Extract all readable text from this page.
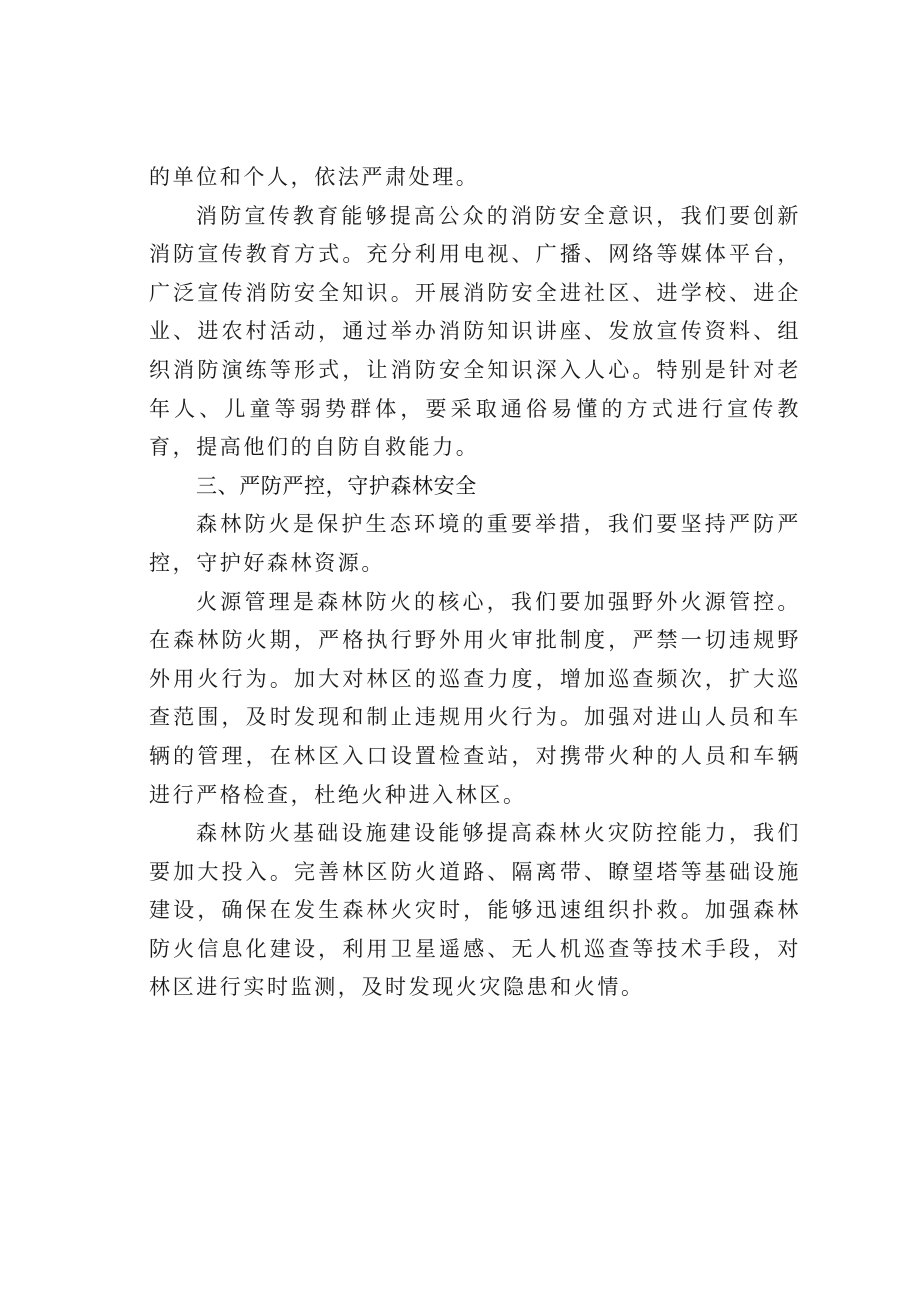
的单位和个人，依法严肃处理。

消防宣传教育能够提高公众的消防安全意识，我们要创新消防宣传教育方式。充分利用电视、广播、网络等媒体平台，广泛宣传消防安全知识。开展消防安全进社区、进学校、进企业、进农村活动，通过举办消防知识讲座、发放宣传资料、组织消防演练等形式，让消防安全知识深入人心。特别是针对老年人、儿童等弱势群体，要采取通俗易懂的方式进行宣传教育，提高他们的自防自救能力。

三、严防严控，守护森林安全

森林防火是保护生态环境的重要举措，我们要坚持严防严控，守护好森林资源。

火源管理是森林防火的核心，我们要加强野外火源管控。在森林防火期，严格执行野外用火审批制度，严禁一切违规野外用火行为。加大对林区的巡查力度，增加巡查频次，扩大巡查范围，及时发现和制止违规用火行为。加强对进山人员和车辆的管理，在林区入口设置检查站，对携带火种的人员和车辆进行严格检查，杜绝火种进入林区。

森林防火基础设施建设能够提高森林火灾防控能力，我们要加大投入。完善林区防火道路、隔离带、瞭望塔等基础设施建设，确保在发生森林火灾时，能够迅速组织扑救。加强森林防火信息化建设，利用卫星遥感、无人机巡查等技术手段，对林区进行实时监测，及时发现火灾隐患和火情。
